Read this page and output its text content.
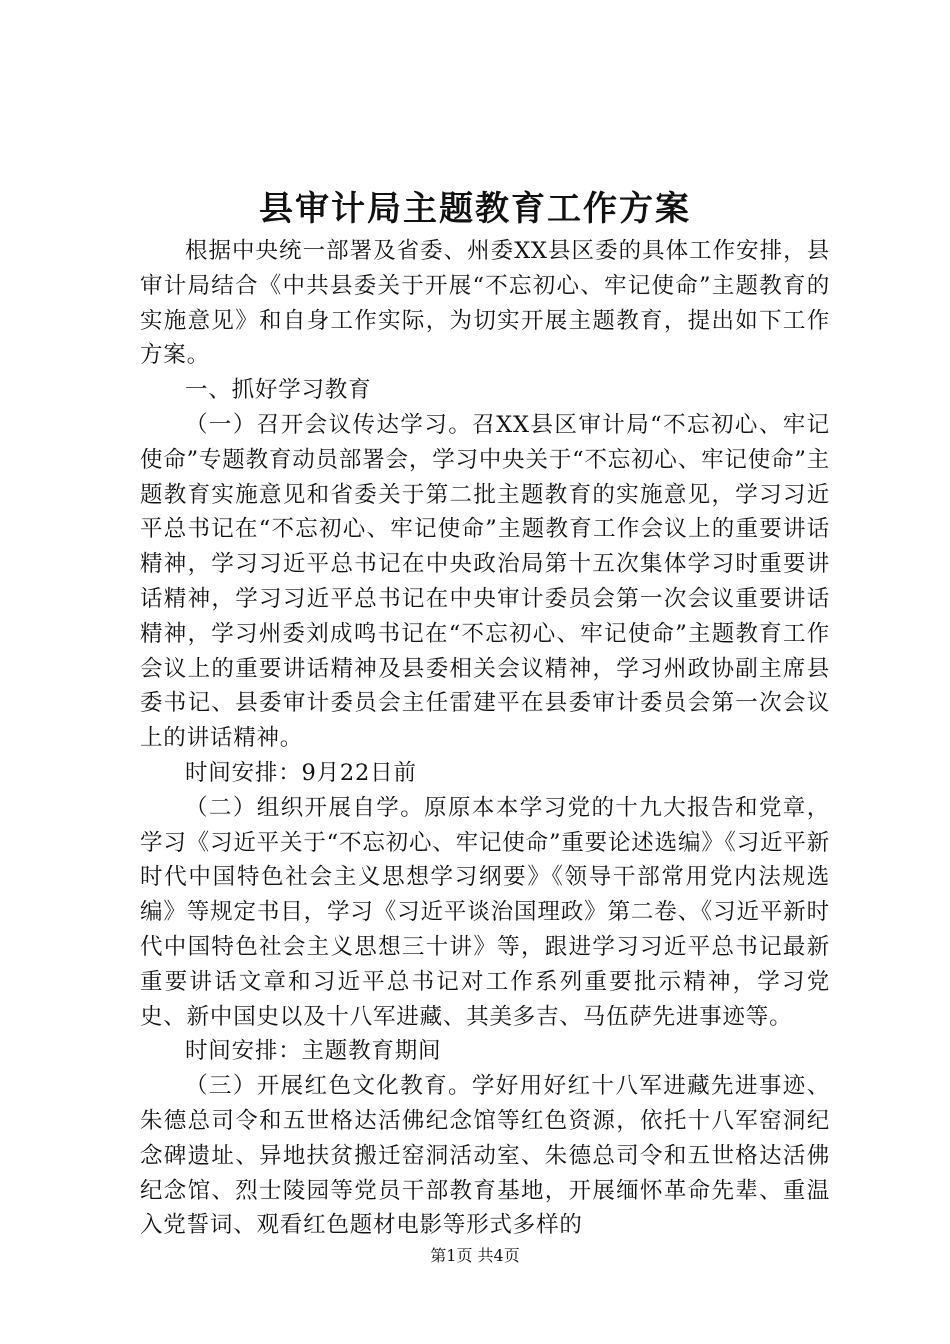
县审计局主题教育工作方案

根据中央统一部署及省委、州委XX县区委的具体工作安排，县审计局结合《中共县委关于开展“不忘初心、牢记使命”主题教育的实施意见》和自身工作实际，为切实开展主题教育，提出如下工作方案。

一、抓好学习教育

（一）召开会议传达学习。召XX县区审计局“不忘初心、牢记使命”专题教育动员部署会，学习中央关于“不忘初心、牢记使命”主题教育实施意见和省委关于第二批主题教育的实施意见，学习习近平总书记在“不忘初心、牢记使命”主题教育工作会议上的重要讲话精神，学习习近平总书记在中央政治局第十五次集体学习时重要讲话精神，学习习近平总书记在中央审计委员会第一次会议重要讲话精神，学习州委刘成鸣书记在“不忘初心、牢记使命”主题教育工作会议上的重要讲话精神及县委相关会议精神，学习州政协副主席县委书记、县委审计委员会主任雷建平在县委审计委员会第一次会议上的讲话精神。

时间安排：9月22日前

（二）组织开展自学。原原本本学习党的十九大报告和党章，学习《习近平关于“不忘初心、牢记使命”重要论述选编》《习近平新时代中国特色社会主义思想学习纲要》《领导干部常用党内法规选编》等规定书目，学习《习近平谈治国理政》第二卷、《习近平新时代中国特色社会主义思想三十讲》等，跟进学习习近平总书记最新重要讲话文章和习近平总书记对工作系列重要批示精神，学习党史、新中国史以及十八军进藏、其美多吉、马伍萨先进事迹等。

时间安排：主题教育期间

（三）开展红色文化教育。学好用好红十八军进藏先进事迹、朱德总司令和五世格达活佛纪念馆等红色资源，依托十八军窑洞纪念碑遗址、异地扶贫搬迁窑洞活动室、朱德总司令和五世格达活佛纪念馆、烈士陵园等党员干部教育基地，开展缅怀革命先辈、重温入党誓词、观看红色题材电影等形式多样的

第1页 共4页
